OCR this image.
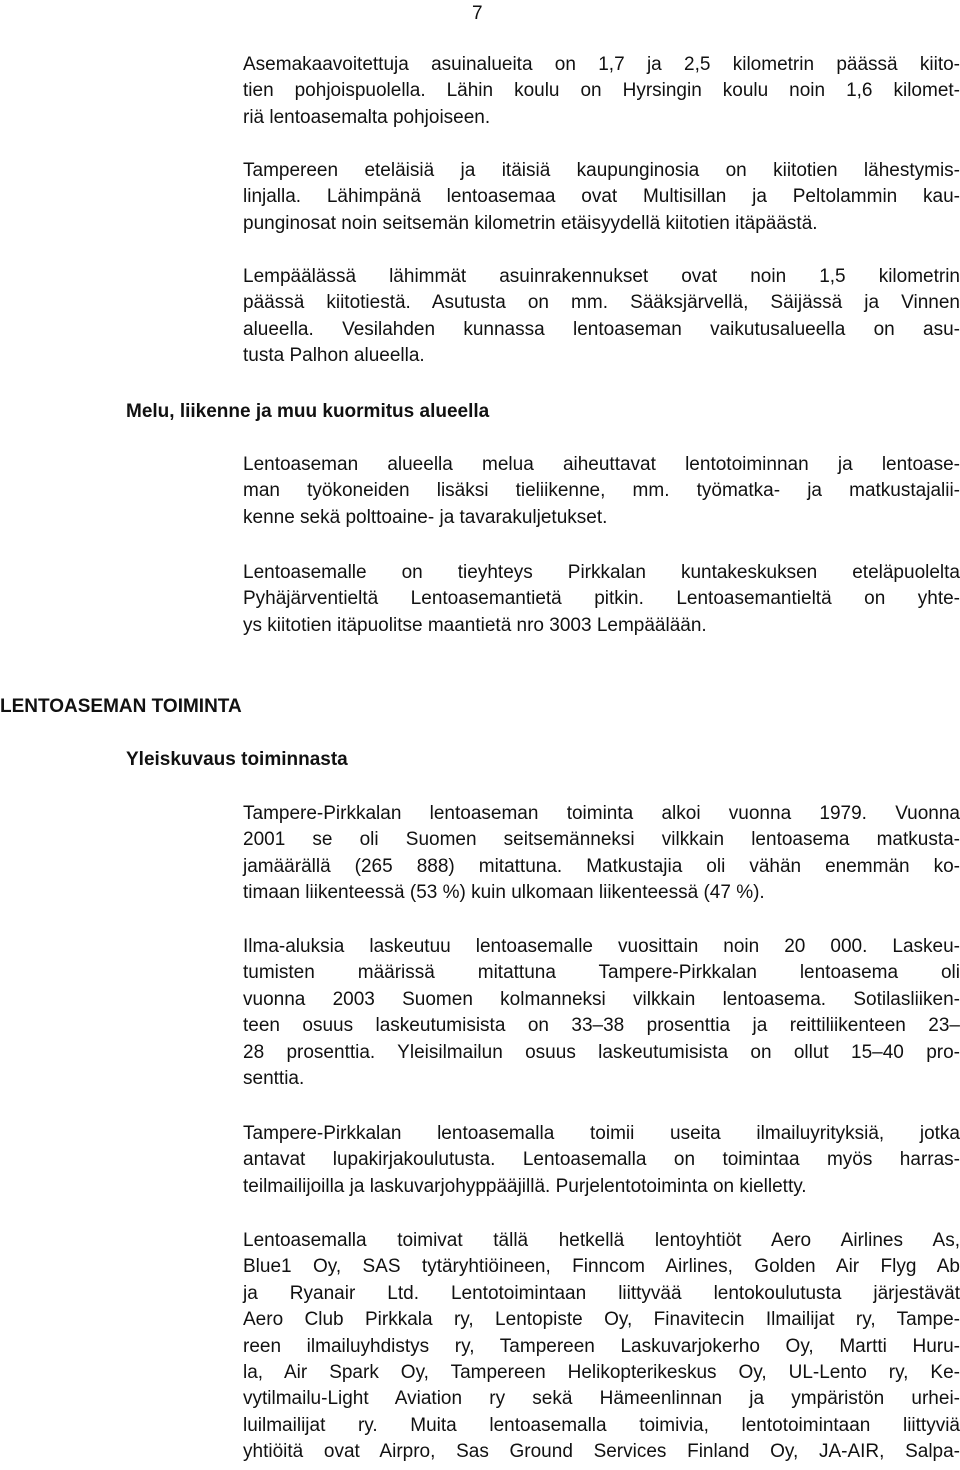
7
Asemakaavoitettuja asuinalueita on 1,7 ja 2,5 kilometrin päässä kiito-
tien pohjoispuolella. Lähin koulu on Hyrsingin koulu noin 1,6 kilomet-
riä lentoasemalta pohjoiseen.
Tampereen eteläisiä ja itäisiä kaupunginosia on kiitotien lähestymis-
linjalla. Lähimpänä lentoasemaa ovat Multisillan ja Peltolammin kau-
punginosat noin seitsemän kilometrin etäisyydellä kiitotien itäpäästä.
Lempäälässä lähimmät asuinrakennukset ovat noin 1,5 kilometrin
päässä kiitotiestä. Asutusta on mm. Sääksjärvellä, Säijässä ja Vinnen
alueella. Vesilahden kunnassa lentoaseman vaikutusalueella on asu-
tusta Palhon alueella.
Lentoaseman alueella melua aiheuttavat lentotoiminnan ja lentoase-
man työkoneiden lisäksi tieliikenne, mm. työmatka- ja matkustajalii-
kenne sekä polttoaine- ja tavarakuljetukset.
Lentoasemalle on tieyhteys Pirkkalan kuntakeskuksen eteläpuolelta
Pyhäjärventieltä Lentoasemantietä pitkin. Lentoasemantieltä on yhte-
ys kiitotien itäpuolitse maantietä nro 3003 Lempäälään.
Tampere-Pirkkalan lentoaseman toiminta alkoi vuonna 1979. Vuonna
2001 se oli Suomen seitsemänneksi vilkkain lentoasema matkusta-
jamäärällä (265 888) mitattuna. Matkustajia oli vähän enemmän ko-
timaan liikenteessä (53 %) kuin ulkomaan liikenteessä (47 %).
Ilma-aluksia laskeutuu lentoasemalle vuosittain noin 20 000. Laskeu-
tumisten määrissä mitattuna Tampere-Pirkkalan lentoasema oli
vuonna 2003 Suomen kolmanneksi vilkkain lentoasema. Sotilasliiken-
teen osuus laskeutumisista on 33–38 prosenttia ja reittiliikenteen 23–
28 prosenttia. Yleisilmailun osuus laskeutumisista on ollut 15–40 pro-
senttia.
Tampere-Pirkkalan lentoasemalla toimii useita ilmailuyrityksiä, jotka
antavat lupakirjakoulutusta. Lentoasemalla on toimintaa myös harras-
teilmailijoilla ja laskuvarjohyppääjillä. Purjelentotoiminta on kielletty.
Lentoasemalla toimivat tällä hetkellä lentoyhtiöt Aero Airlines As,
Blue1 Oy, SAS tytäryhtiöineen, Finncom Airlines, Golden Air Flyg Ab
ja Ryanair Ltd. Lentotoimintaan liittyvää lentokoulutusta järjestävät
Aero Club Pirkkala ry, Lentopiste Oy, Finavitecin Ilmailijat ry, Tampe-
reen ilmailuyhdistys ry, Tampereen Laskuvarjokerho Oy, Martti Huru-
la, Air Spark Oy, Tampereen Helikopterikeskus Oy, UL-Lento ry, Ke-
vytilmailu-Light Aviation ry sekä Hämeenlinnan ja ympäristön urhei-
luilmailijat ry. Muita lentoasemalla toimivia, lentotoimintaan liittyviä
yhtiöitä ovat Airpro, Sas Ground Services Finland Oy, JA-AIR, Salpa-
Melu, liikenne ja muu kuormitus alueella
LENTOASEMAN TOIMINTA
Yleiskuvaus toiminnasta
